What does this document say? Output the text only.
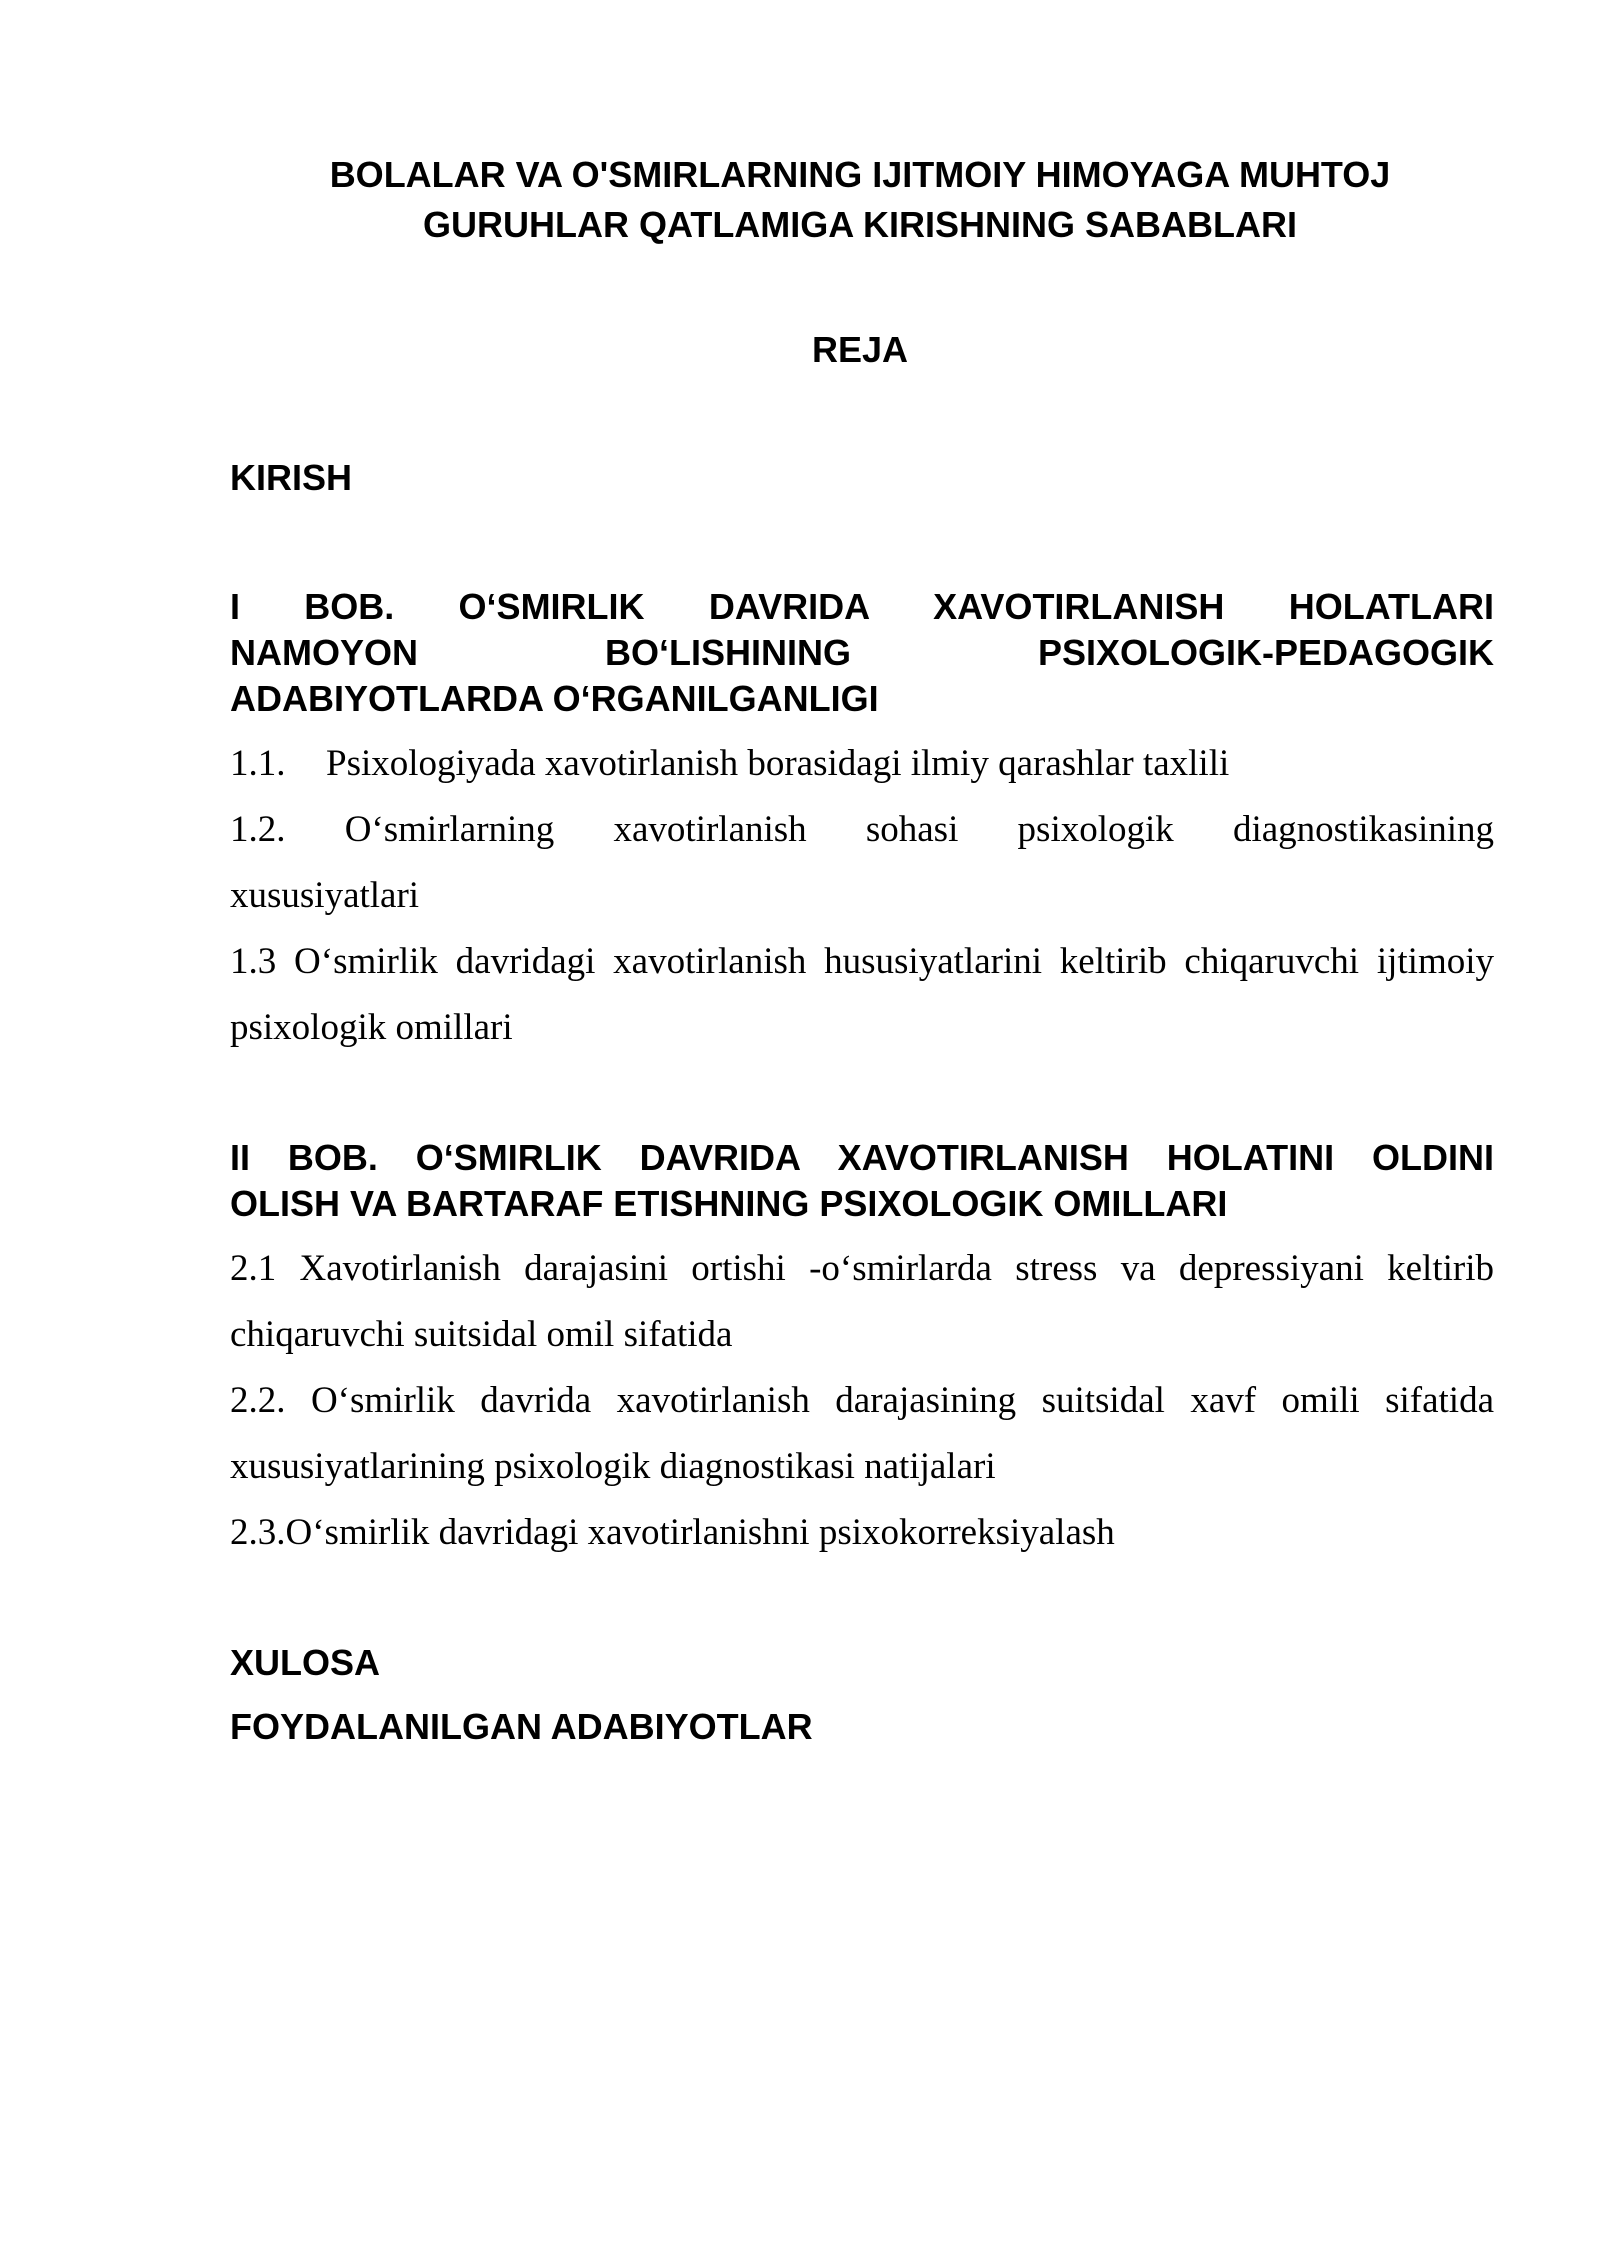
BOLALAR VA O'SMIRLARNING IJITMOIY HIMOYAGA MUHTOJ
GURUHLAR QATLAMIGA KIRISHNING SABABLARI
REJA
KIRISH
I BOB. O‘SMIRLIK DAVRIDA XAVOTIRLANISH HOLATLARI
NAMOYON BO‘LISHINING PSIXOLOGIK-PEDAGOGIK
ADABIYOTLARDA O‘RGANILGANLIGI
1.1. Psixologiyada xavotirlanish borasidagi ilmiy qarashlar taxlili
1.2. O‘smirlarning xavotirlanish sohasi psixologik diagnostikasining
xususiyatlari
1.3 O‘smirlik davridagi xavotirlanish hususiyatlarini keltirib chiqaruvchi ijtimoiy
psixologik omillari
II BOB. O‘SMIRLIK DAVRIDA XAVOTIRLANISH HOLATINI OLDINI
OLISH VA BARTARAF ETISHNING PSIXOLOGIK OMILLARI
2.1 Xavotirlanish darajasini ortishi -o‘smirlarda stress va depressiyani keltirib
chiqaruvchi suitsidal omil sifatida
2.2. O‘smirlik davrida xavotirlanish darajasining suitsidal xavf omili sifatida
xususiyatlarining psixologik diagnostikasi natijalari
2.3.O‘smirlik davridagi xavotirlanishni psixokorreksiyalash
XULOSA
FOYDALANILGAN ADABIYOTLAR
